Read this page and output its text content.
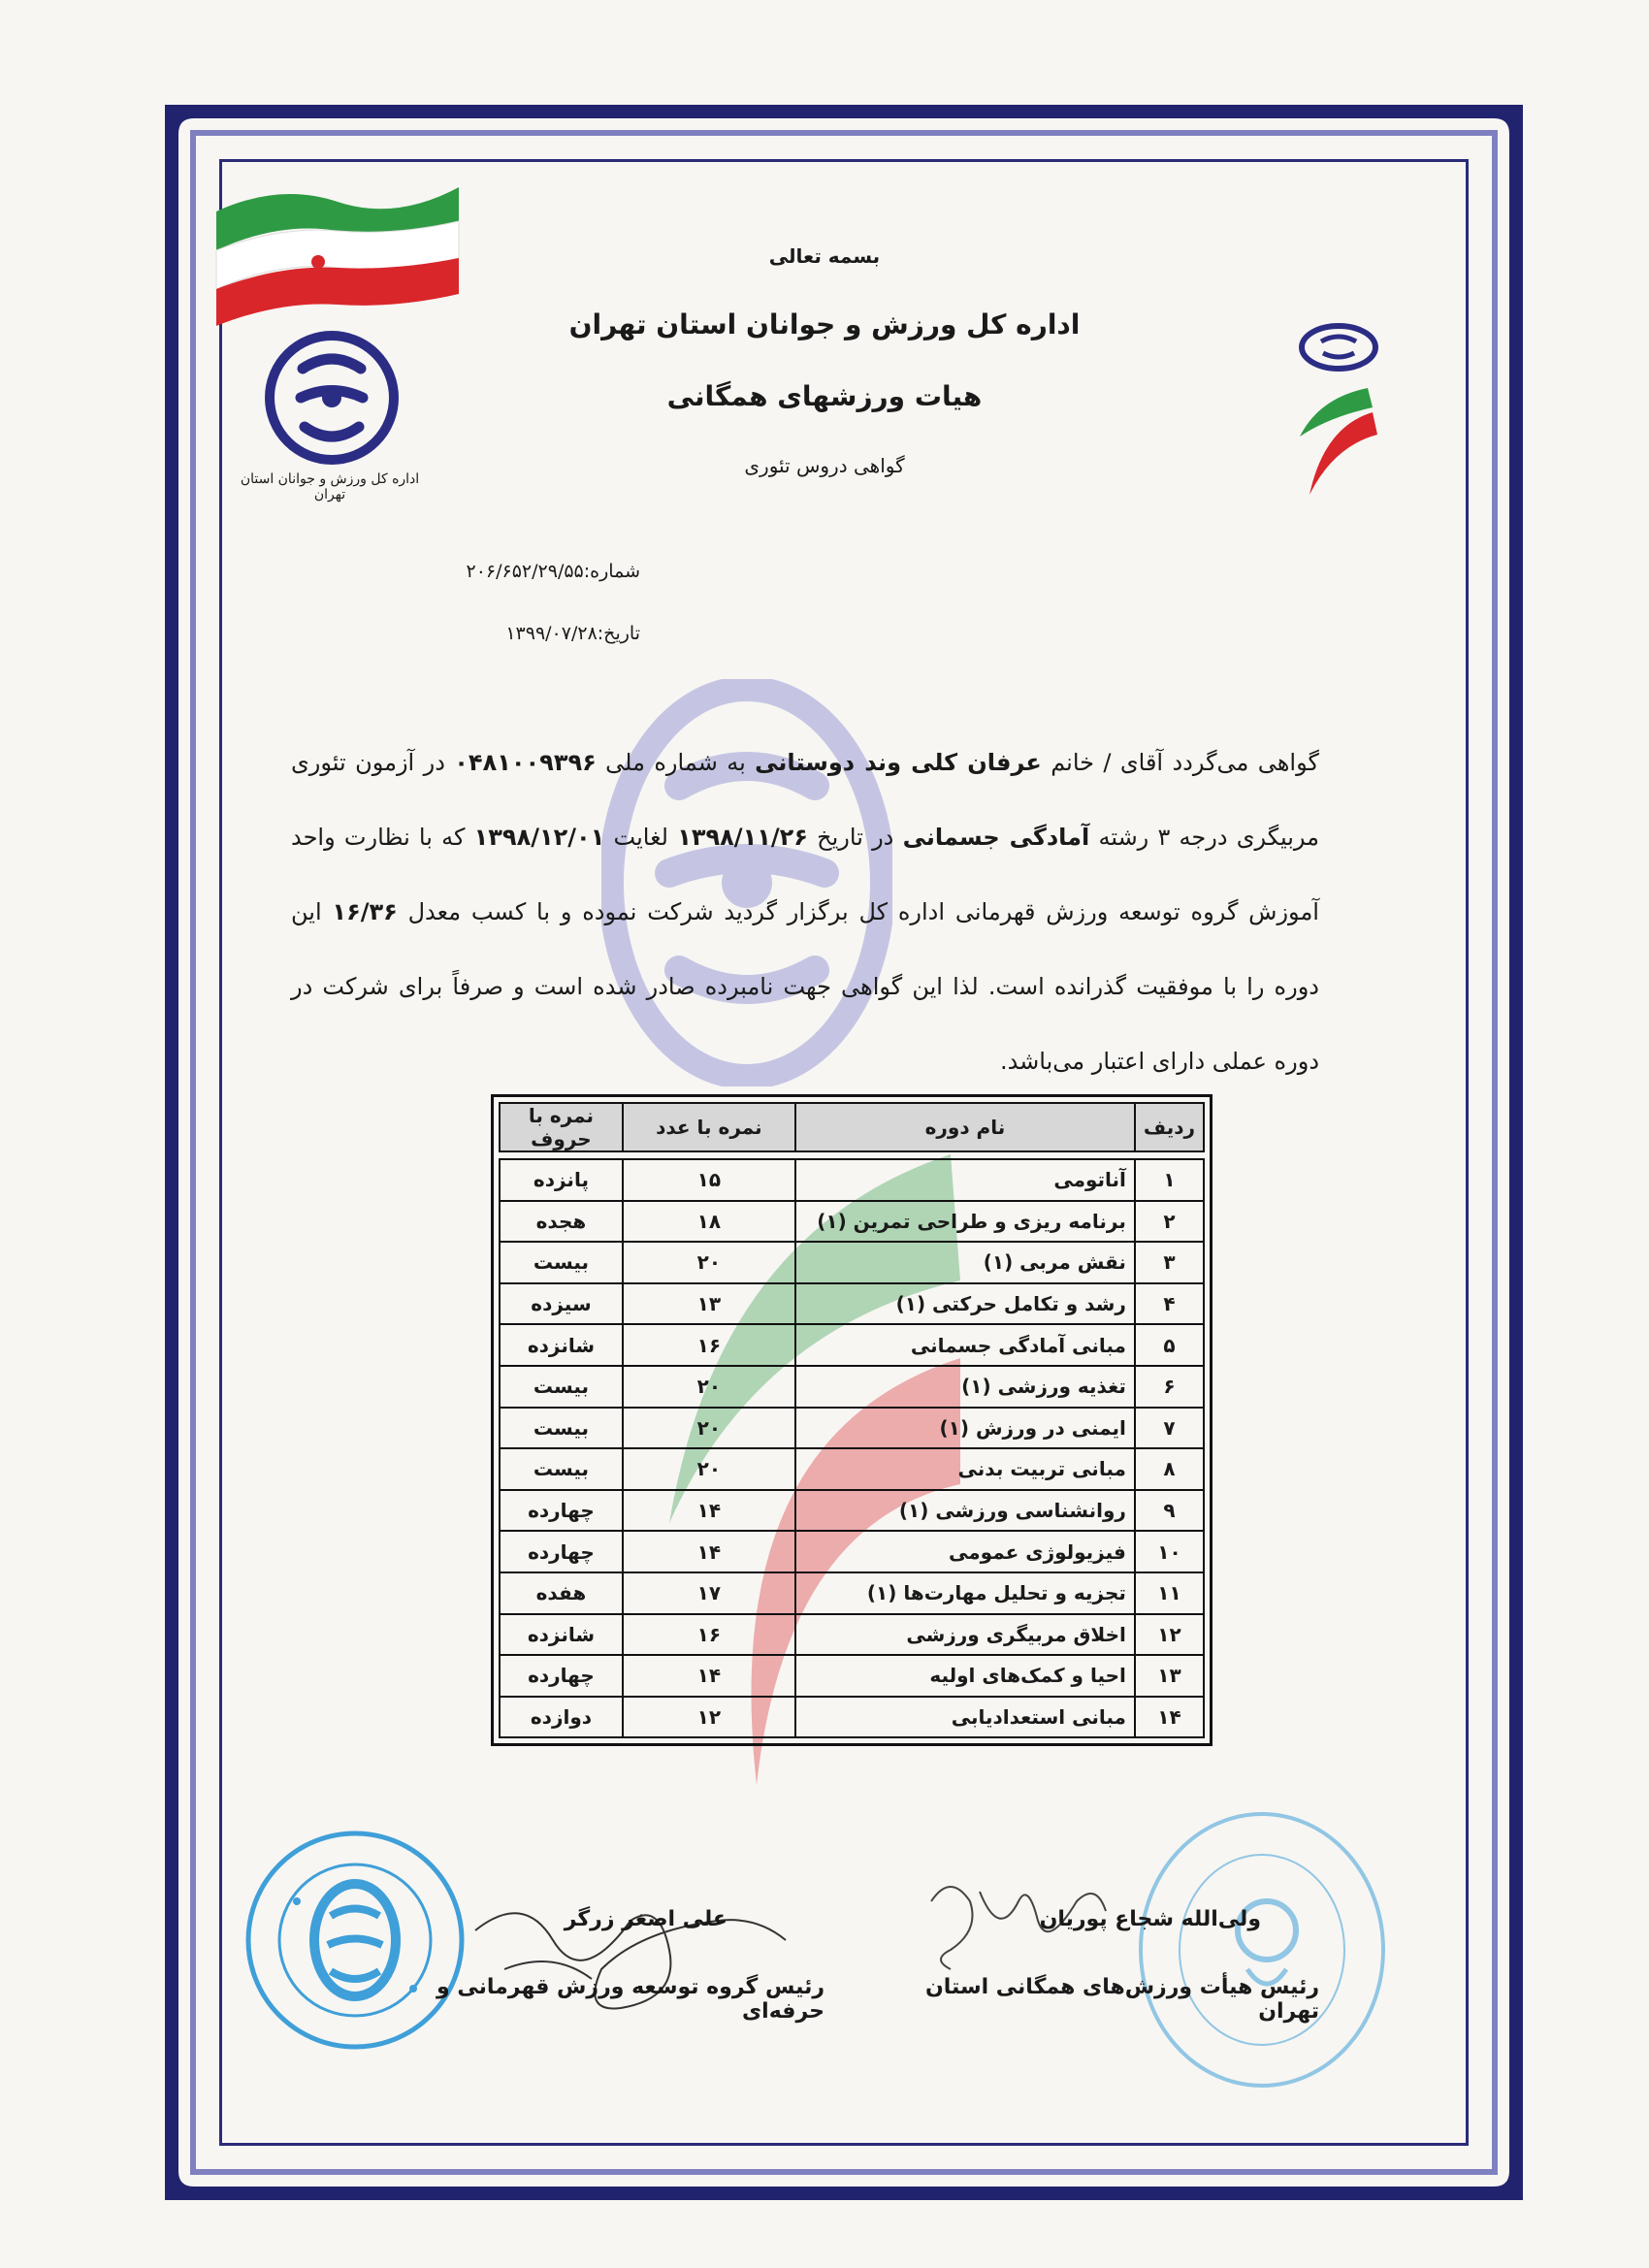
اداره کل ورزش و جوانان استان تهران
بسمه تعالی
اداره کل ورزش و جوانان استان تهران
هیات ورزشهای همگانی
گواهی دروس تئوری
شماره:۲۰۶/۶۵۲/۲۹/۵۵
تاریخ:۱۳۹۹/۰۷/۲۸
گواهی می‌گردد آقای / خانم عرفان کلی وند دوستانی به شماره ملی ۰۴۸۱۰۰۹۳۹۶ در آزمون تئوری مربیگری درجه ۳ رشته آمادگی جسمانی در تاریخ ۱۳۹۸/۱۱/۲۶ لغایت ۱۳۹۸/۱۲/۰۱ که با نظارت واحد آموزش گروه توسعه ورزش قهرمانی اداره کل برگزار گردید شرکت نموده و با کسب معدل ۱۶/۳۶ این دوره را با موفقیت گذرانده است. لذا این گواهی جهت نامبرده صادر شده است و صرفاً برای شرکت در دوره عملی دارای اعتبار می‌باشد.
ردیف	نام دوره	نمره با عدد	نمره با حروف

۱	آناتومی	۱۵	پانزده
۲	برنامه ریزی و طراحی تمرین (۱)	۱۸	هجده
۳	نقش مربی (۱)	۲۰	بیست
۴	رشد و تکامل حرکتی (۱)	۱۳	سیزده
۵	مبانی آمادگی جسمانی	۱۶	شانزده
۶	تغذیه ورزشی (۱)	۲۰	بیست
۷	ایمنی در ورزش (۱)	۲۰	بیست
۸	مبانی تربیت بدنی	۲۰	بیست
۹	روانشناسی ورزشی (۱)	۱۴	چهارده
۱۰	فیزیولوژی عمومی	۱۴	چهارده
۱۱	تجزیه و تحلیل مهارت‌ها (۱)	۱۷	هفده
۱۲	اخلاق مربیگری ورزشی	۱۶	شانزده
۱۳	احیا و کمک‌های اولیه	۱۴	چهارده
۱۴	مبانی استعدادیابی	۱۲	دوازده
علی اصغر زرگر
رئیس گروه توسعه ورزش قهرمانی و حرفه‌ای
ولی‌الله شجاع پوریان
رئیس هیأت ورزش‌های همگانی استان تهران
